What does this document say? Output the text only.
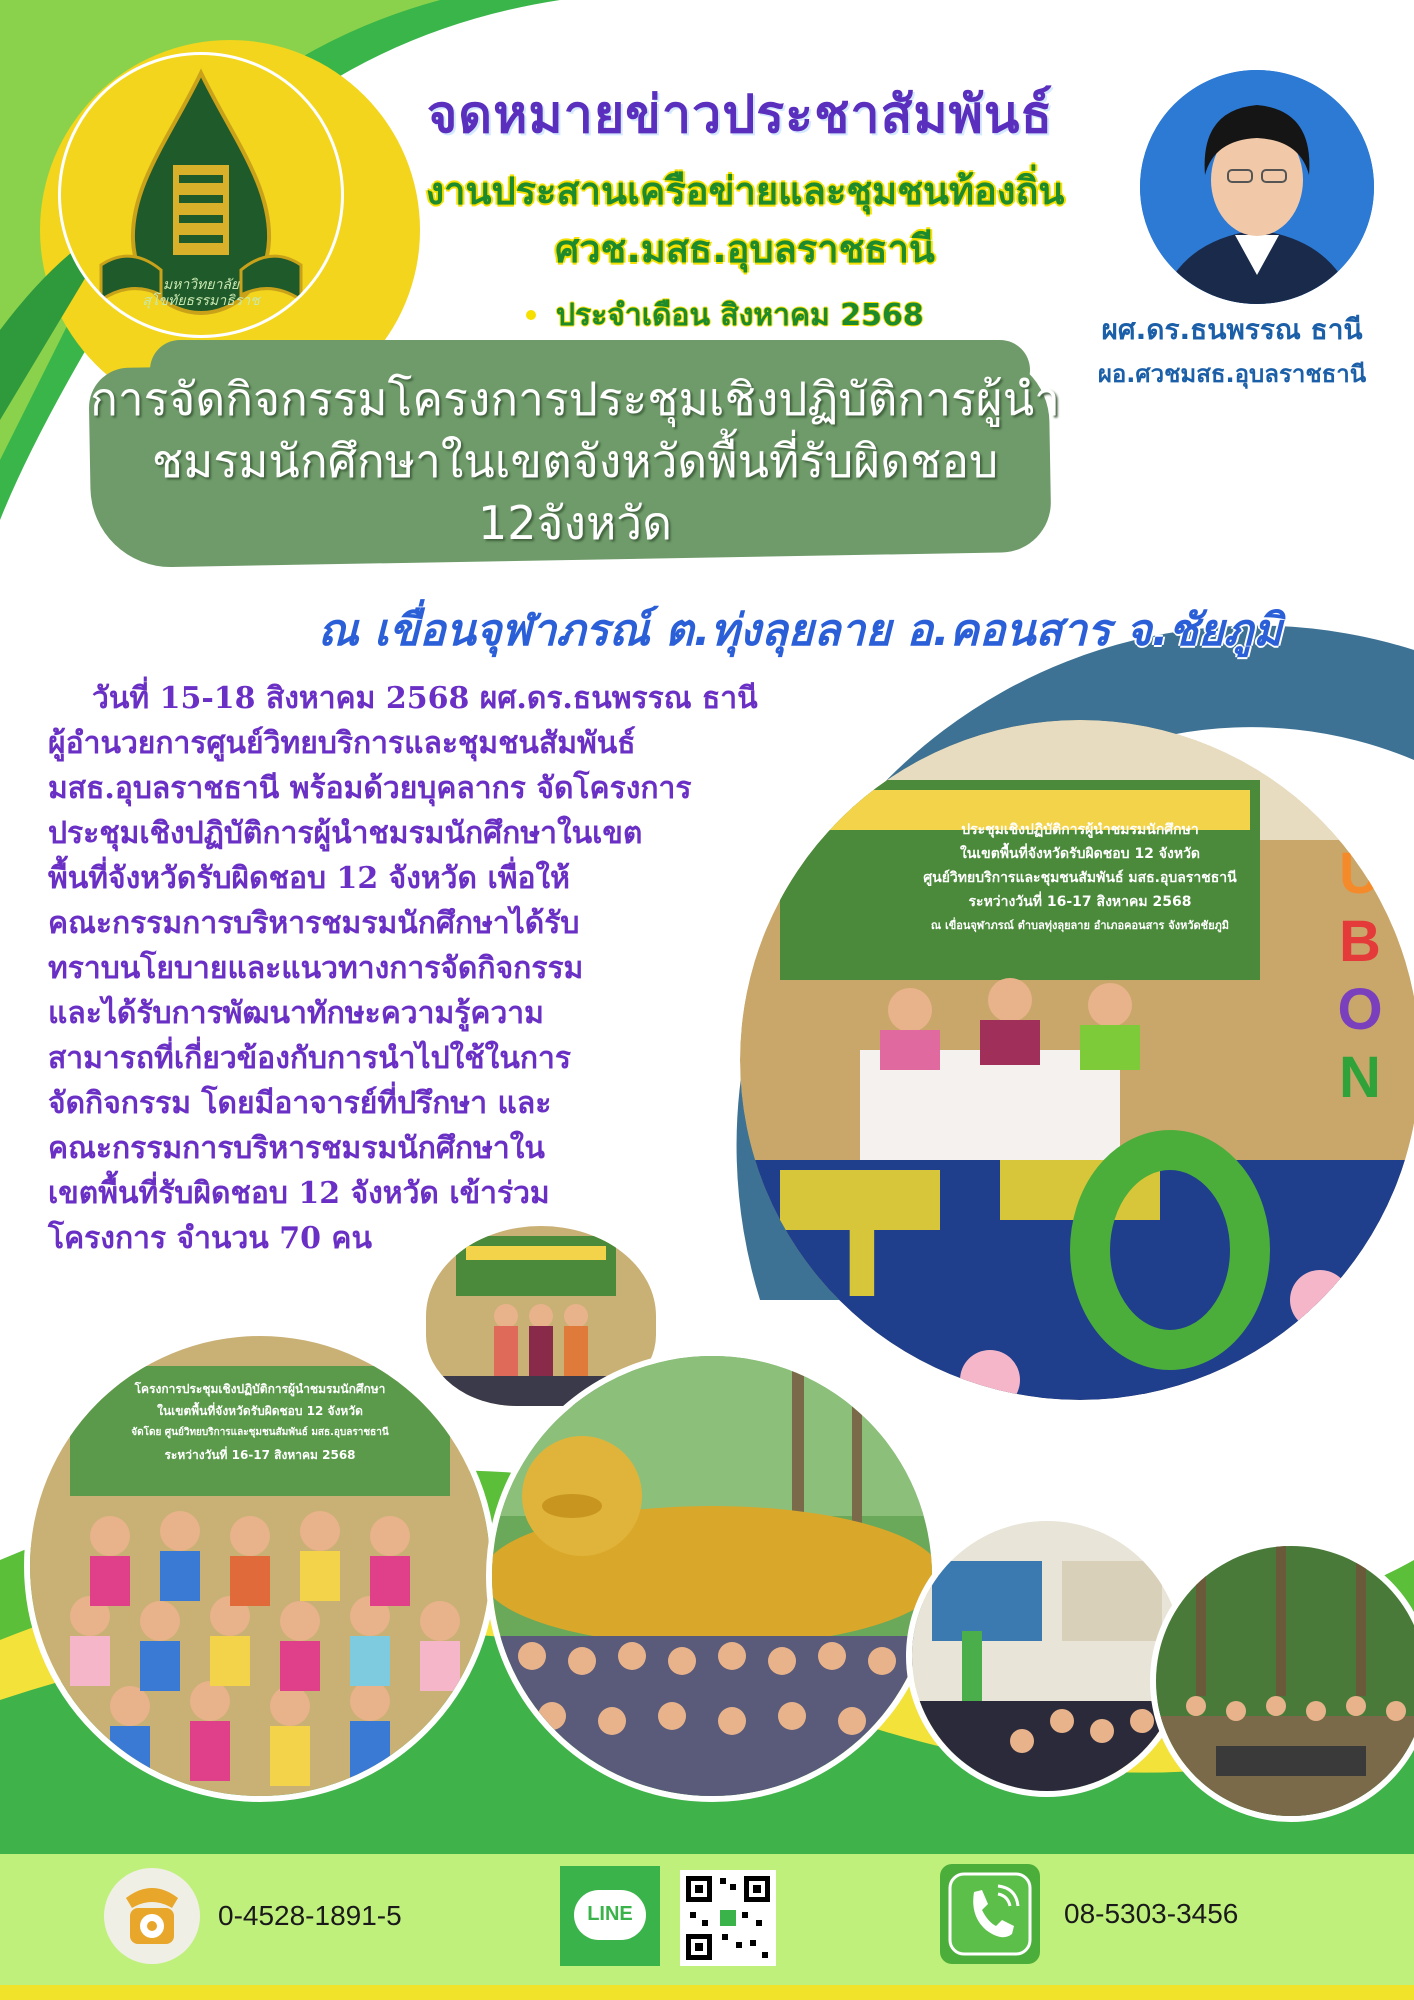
มหาวิทยาลัย
สุโขทัยธรรมาธิราช
จดหมายข่าวประชาสัมพันธ์
งานประสานเครือข่ายและชุมชนท้องถิ่น
ศวช.มสธ.อุบลราชธานี
ประจำเดือน สิงหาคม 2568	ผศ.ดร.ธนพรรณ ธานี
ผอ.ศวชมสธ.อุบลราชธานี
การจัดกิจกรรมโครงการประชุมเชิงปฏิบัติการผู้นำ
ชมรมนักศึกษาในเขตจังหวัดพื้นที่รับผิดชอบ
12จังหวัด
ณ เขื่อนจุฬาภรณ์ ต.ทุ่งลุยลาย อ.คอนสาร จ.ชัยภูมิ
วันที่ 15-18 สิงหาคม 2568 ผศ.ดร.ธนพรรณ ธานี
ผู้อำนวยการศูนย์วิทยบริการและชุมชนสัมพันธ์
มสธ.อุบลราชธานี พร้อมด้วยบุคลากร จัดโครงการ
ประชุมเชิงปฏิบัติการผู้นำชมรมนักศึกษาในเขต
พื้นที่จังหวัดรับผิดชอบ 12 จังหวัด เพื่อให้
คณะกรรมการบริหารชมรมนักศึกษาได้รับ
ทราบนโยบายและแนวทางการจัดกิจกรรม
และได้รับการพัฒนาทักษะความรู้ความ
สามารถที่เกี่ยวข้องกับการนำไปใช้ในการ
จัดกิจกรรม โดยมีอาจารย์ที่ปรึกษา และ
คณะกรรมการบริหารชมรมนักศึกษาใน
เขตพื้นที่รับผิดชอบ 12 จังหวัด เข้าร่วม
โครงการ จำนวน 70 คน
ประชุมเชิงปฏิบัติการผู้นำชมรมนักศึกษา
ในเขตพื้นที่จังหวัดรับผิดชอบ 12 จังหวัด
ศูนย์วิทยบริการและชุมชนสัมพันธ์ มสธ.อุบลราชธานี
ระหว่างวันที่ 16-17 สิงหาคม 2568
ณ เขื่อนจุฬาภรณ์ ตำบลทุ่งลุยลาย อำเภอคอนสาร จังหวัดชัยภูมิ
U
B
O
N
T
โครงการประชุมเชิงปฏิบัติการผู้นำชมรมนักศึกษา
ในเขตพื้นที่จังหวัดรับผิดชอบ 12 จังหวัด
จัดโดย ศูนย์วิทยบริการและชุมชนสัมพันธ์ มสธ.อุบลราชธานี
ระหว่างวันที่ 16-17 สิงหาคม 2568
0-4528-1891-5	LINE	08-5303-3456
